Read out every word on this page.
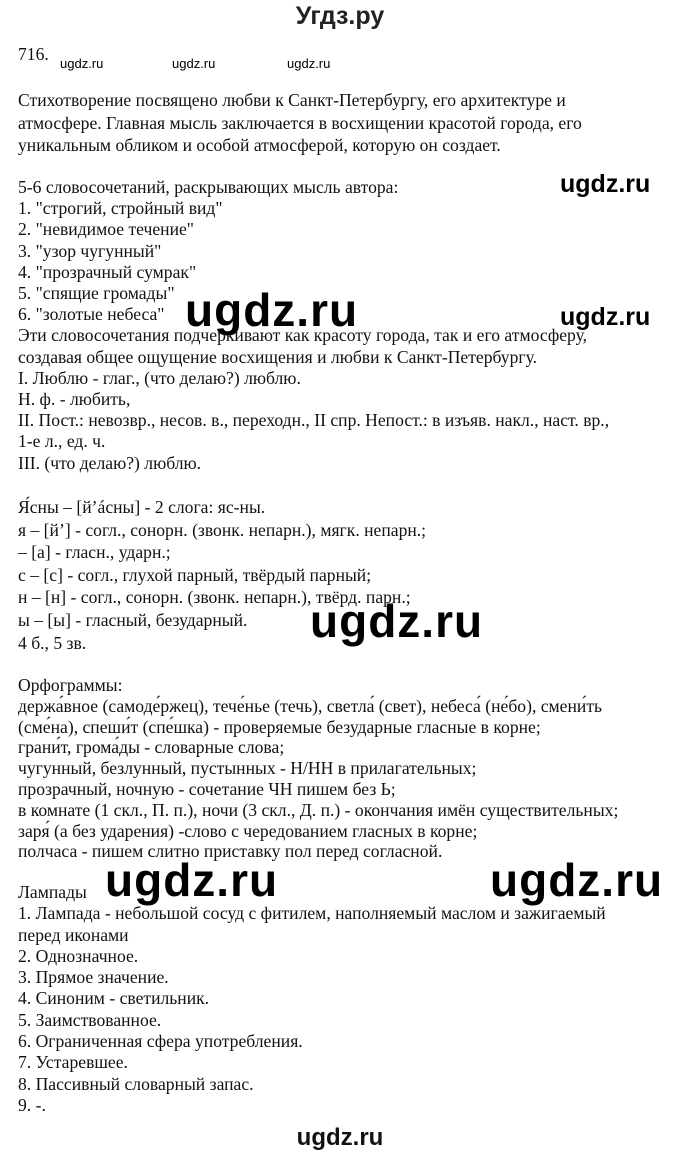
Угдз.ру
716. ugdz.ru	ugdz.ru	ugdz.ru
Стихотворение посвящено любви к Санкт-Петербургу, его архитектуре и
атмосфере. Главная мысль заключается в восхищении красотой города, его
уникальным обликом и особой атмосферой, которую он создает.
5-6 словосочетаний, раскрывающих мысль автора:
1. "строгий, стройный вид"
2. "невидимое течение"
3. "узор чугунный"
4. "прозрачный сумрак"
5. "спящие громады"
6. "золотые небеса"
Эти словосочетания подчеркивают как красоту города, так и его атмосферу,
создавая общее ощущение восхищения и любви к Санкт-Петербургу.
I. Люблю - глаг., (что делаю?) люблю.
Н. ф. - любить,
II. Пост.: невозвр., несов. в., переходн., II спр. Непост.: в изъяв. накл., наст. вр.,
1-е л., ед. ч.
III. (что делаю?) люблю.
Я́сны – [й’áсны] - 2 слога: яс-ны.
я – [й’] - согл., сонорн. (звонк. непарн.), мягк. непарн.;
– [а] - гласн., ударн.;
с – [с] - согл., глухой парный, твёрдый парный;
н – [н] - согл., сонорн. (звонк. непарн.), твёрд. парн.;
ы – [ы] - гласный, безударный.
4 б., 5 зв.
Орфограммы:
держа́вное (самоде́ржец), тече́нье (течь), светла́ (свет), небеса́ (не́бо), смени́ть
(сме́на), спеши́т (спе́шка) - проверяемые безударные гласные в корне;
грани́т, грома́ды - словарные слова;
чугунный, безлунный, пустынных - Н/НН в прилагательных;
прозрачный, ночную - сочетание ЧН пишем без Ь;
в комнате (1 скл., П. п.), ночи (3 скл., Д. п.) - окончания имён существительных;
заря́ (а без ударения) -слово с чередованием гласных в корне;
полчаса - пишем слитно приставку пол перед согласной.
Лампады
1. Лампада - небольшой сосуд с фитилем, наполняемый маслом и зажигаемый
перед иконами
2. Однозначное.
3. Прямое значение.
4. Синоним - светильник.
5. Заимствованное.
6. Ограниченная сфера употребления.
7. Устаревшее.
8. Пассивный словарный запас.
9. -.
ugdz.ru
ugdz.ru
ugdz.ru
ugdz.ru
ugdz.ru	ugdz.ru
ugdz.ru
